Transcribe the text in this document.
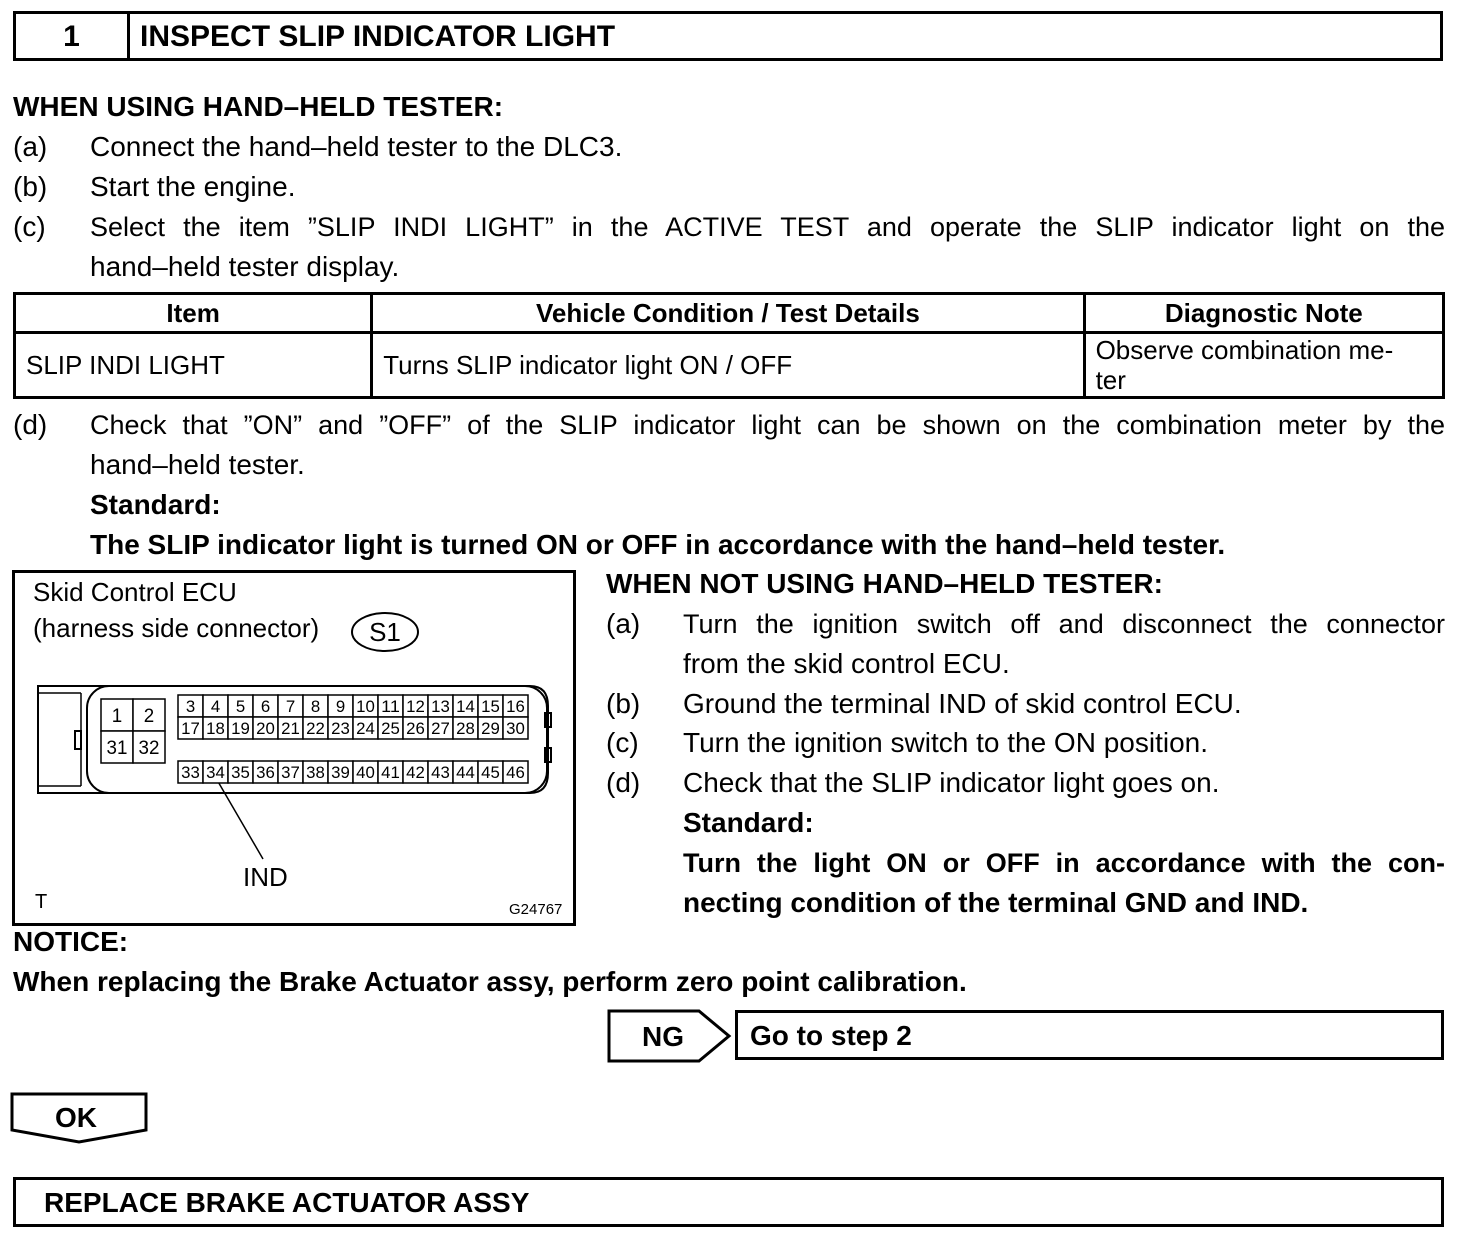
1	INSPECT SLIP INDICATOR LIGHT
WHEN USING HAND–HELD TESTER:
(a)	Connect the hand–held tester to the DLC3.
(b)	Start the engine.
(c)	Select the item ”SLIP INDI LIGHT” in the ACTIVE TEST and operate the SLIP indicator light on the
hand–held tester display.
Item	Vehicle Condition / Test Details	Diagnostic Note
SLIP INDI LIGHT	Turns SLIP indicator light ON / OFF	Observe combination me-
ter
(d)	Check that ”ON” and ”OFF” of the SLIP indicator light can be shown on the combination meter by the
hand–held tester.
Standard:
The SLIP indicator light is turned ON or OFF in accordance with the hand–held tester.
Skid Control ECU
(harness side connector) S1
1 2
31 32
3 4 5 6 7 8 9 10 11 12 13 14 15 16
17 18 19 20 21 22 23 24 25 26 27 28 29 30
33 34 35 36 37 38 39 40 41 42 43 44 45 46
IND
T	G24767
WHEN NOT USING HAND–HELD TESTER:
(a)	Turn the ignition switch off and disconnect the connector
from the skid control ECU.
(b)	Ground the terminal IND of skid control ECU.
(c)	Turn the ignition switch to the ON position.
(d)	Check that the SLIP indicator light goes on.
Standard:
Turn the light ON or OFF in accordance with the con-
necting condition of the terminal GND and IND.
NOTICE:
When replacing the Brake Actuator assy, perform zero point calibration.
NG	Go to step 2
OK
REPLACE BRAKE ACTUATOR ASSY
